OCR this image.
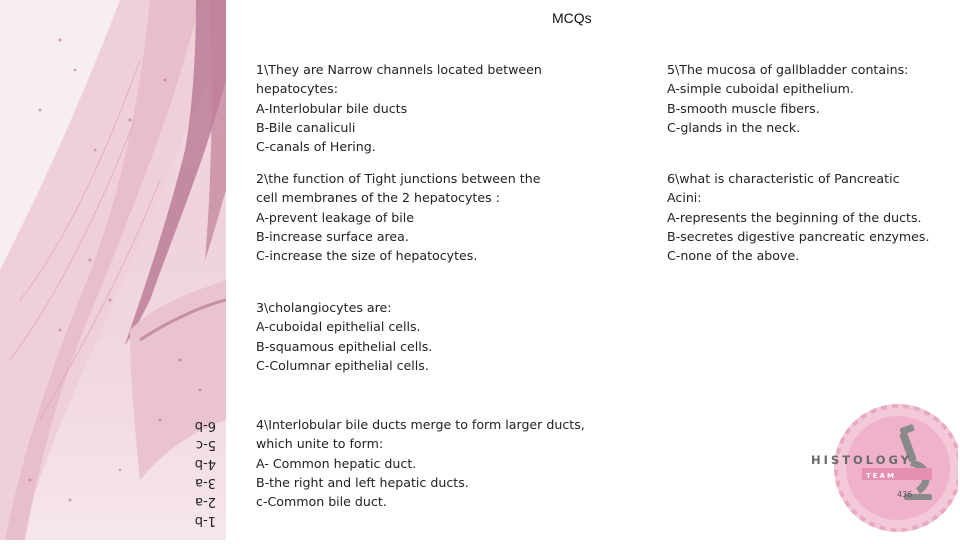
1-b
2-a
3-a
4-b
5-c
6-b
MCQs
1\They are Narrow channels located between
hepatocytes:
A-Interlobular bile ducts
B-Bile canaliculi
C-canals of Hering.
2\the function of Tight junctions between the
cell membranes of the 2 hepatocytes :
A-prevent leakage of bile
B-increase surface area.
C-increase the size of hepatocytes.
3\cholangiocytes are:
A-cuboidal epithelial cells.
B-squamous epithelial cells.
C-Columnar epithelial cells.
4\Interlobular bile ducts merge to form larger ducts,
which unite to form:
A- Common hepatic duct.
B-the right and left hepatic ducts.
c-Common bile duct.
5\The mucosa of gallbladder contains:
A-simple cuboidal epithelium.
B-smooth muscle fibers.
C-glands in the neck.
6\what is characteristic of Pancreatic
Acini:
A-represents the beginning of the ducts.
B-secretes digestive pancreatic enzymes.
C-none of the above.
HISTOLOGY
TEAM
436
